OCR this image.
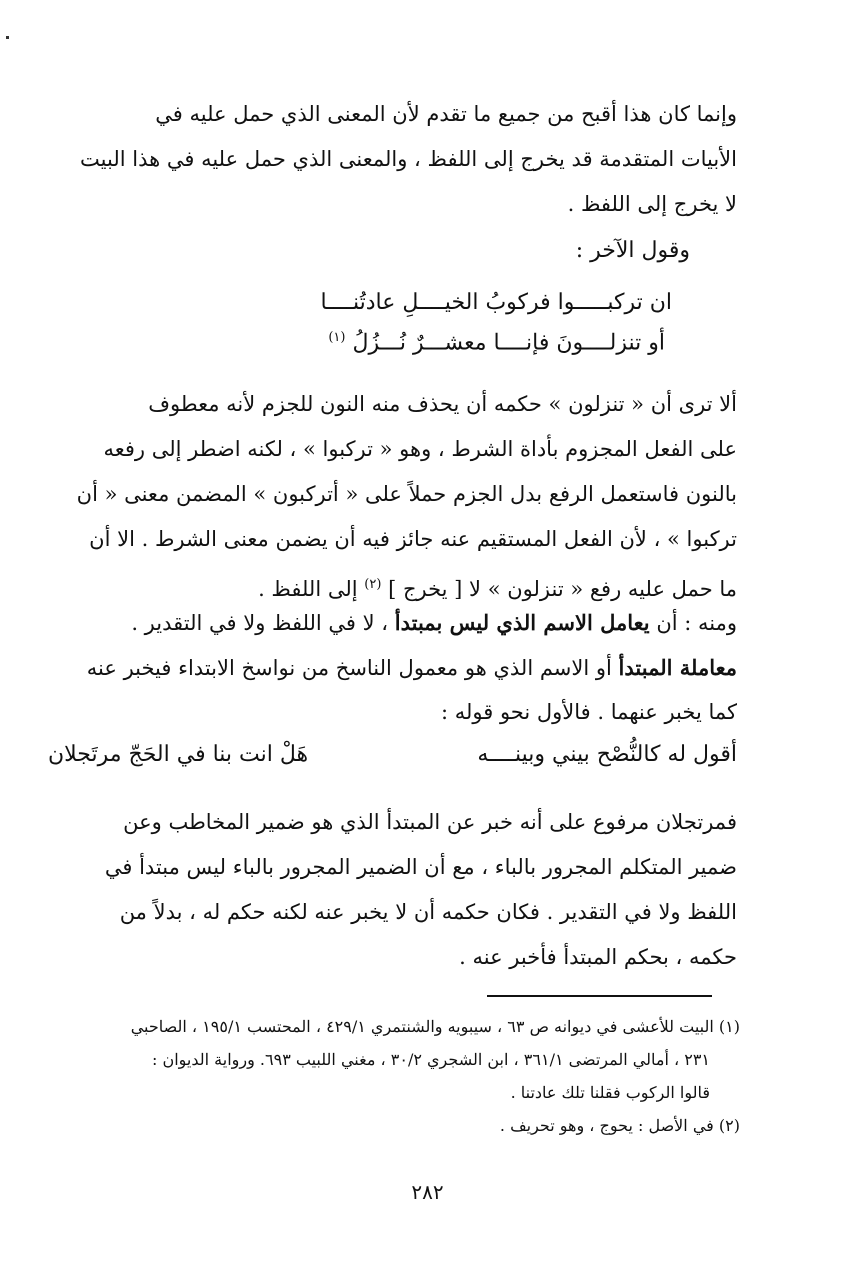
وإنما كان هذا أقبح من جميع ما تقدم لأن المعنى الذي حمل عليه في
الأبيات المتقدمة قد يخرج إلى اللفظ ، والمعنى الذي حمل عليه في هذا البيت
لا يخرج إلى اللفظ .
وقول الآخر :
ان تركبـــــوا فركوبُ الخيــــلِ عادتُنــــا
أو تنزلــــونَ فإنــــا معشـــرٌ نُـــزُلُ $^{(١)}$
ألا ترى أن « تنزلون » حكمه أن يحذف منه النون للجزم لأنه معطوف
على الفعل المجزوم بأداة الشرط ، وهو « تركبوا » ، لكنه اضطر إلى رفعه
بالنون فاستعمل الرفع بدل الجزم حملاً على « أتركبون » المضمن معنى « أن
تركبوا » ، لأن الفعل المستقيم عنه جائز فيه أن يضمن معنى الشرط . الا أن
ما حمل عليه رفع « تنزلون » لا [ يخرج ] $^{(٢)}$ إلى اللفظ .
ومنه : أن يعامل الاسم الذي ليس بمبتدأ ، لا في اللفظ ولا في التقدير .
معاملة المبتدأ أو الاسم الذي هو معمول الناسخ من نواسخ الابتداء فيخبر عنه
كما يخبر عنهما . فالأول نحو قوله :
أقول له كالنُّصْح بيني وبينــــه
هَلْ انت بنا في الحَجّ مرتَجلان
فمرتجلان مرفوع على أنه خبر عن المبتدأ الذي هو ضمير المخاطب وعن
ضمير المتكلم المجرور بالباء ، مع أن الضمير المجرور بالباء ليس مبتدأ في
اللفظ ولا في التقدير . فكان حكمه أن لا يخبر عنه لكنه حكم له ، بدلاً من
حكمه ، بحكم المبتدأ فأخبر عنه .
(١) البيت للأعشى في ديوانه ص ٦٣ ، سيبويه والشنتمري ٤٢٩/١ ، المحتسب ١٩٥/١ ، الصاحبي
٢٣١ ، أمالي المرتضى ٣٦١/١ ، ابن الشجري ٣٠/٢ ، مغني اللبيب ٦٩٣. ورواية الديوان :
قالوا الركوب فقلنا تلك عادتنا .
(٢) في الأصل : يحوج ، وهو تحريف .
٢٨٢
